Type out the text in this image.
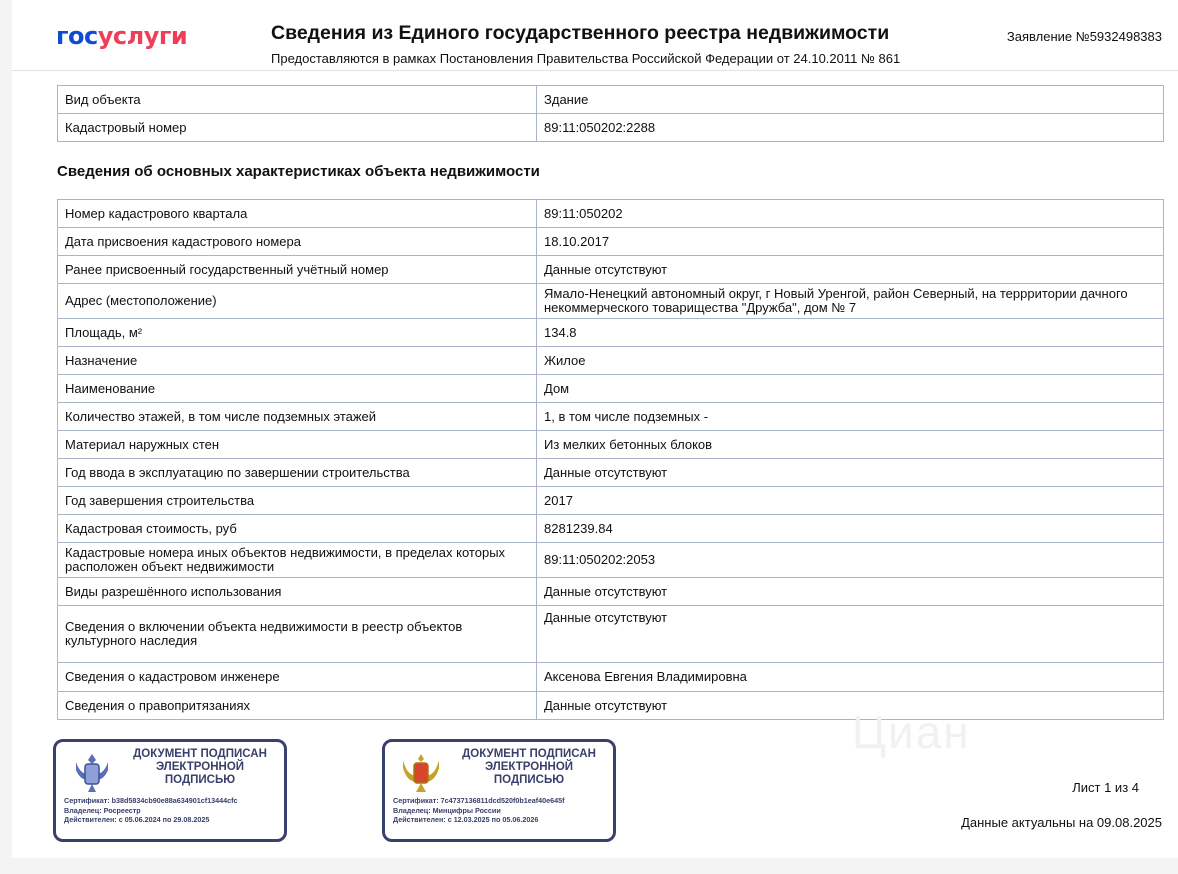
госуслуги	Сведения из Единого государственного реестра недвижимости
Предоставляются в рамках Постановления Правительства Российской Федерации от 24.10.2011 № 861
Заявление №5932498383
Вид объекта	Здание
Кадастровый номер	89:11:050202:2288
Сведения об основных характеристиках объекта недвижимости
Номер кадастрового квартала	89:11:050202
Дата присвоения кадастрового номера	18.10.2017
Ранее присвоенный государственный учётный номер	Данные отсутствуют
Адрес (местоположение)	Ямало-Ненецкий автономный округ, г Новый Уренгой, район Северный, на терpритории дачного некоммерческого товарищества "Дружба", дом № 7
Площадь, м²	134.8
Назначение	Жилое
Наименование	Дом
Количество этажей, в том числе подземных этажей	1, в том числе подземных -
Материал наружных стен	Из мелких бетонных блоков
Год ввода в эксплуатацию по завершении строительства	Данные отсутствуют
Год завершения строительства	2017
Кадастровая стоимость, руб	8281239.84
Кадастровые номера иных объектов недвижимости, в пределах которых расположен объект недвижимости	89:11:050202:2053
Виды разрешённого использования	Данные отсутствуют
Сведения о включении объекта недвижимости в реестр объектов культурного наследия	Данные отсутствуют
Сведения о кадастровом инженере	Аксенова Евгения Владимировна
Сведения о правопритязаниях	Данные отсутствуют
Циан
ДОКУМЕНТ ПОДПИСАН
ЭЛЕКТРОННОЙ
ПОДПИСЬЮ
Сертификат: b38d5834cb90e88a634901cf13444cfc
Владелец: Росреестр
Действителен: с 05.06.2024 по 29.08.2025
ДОКУМЕНТ ПОДПИСАН
ЭЛЕКТРОННОЙ
ПОДПИСЬЮ
Сертификат: 7c4737136811dcd520f0b1eaf40e645f
Владелец: Минцифры России
Действителен: с 12.03.2025 по 05.06.2026
Лист 1 из 4
Данные актуальны на 09.08.2025
